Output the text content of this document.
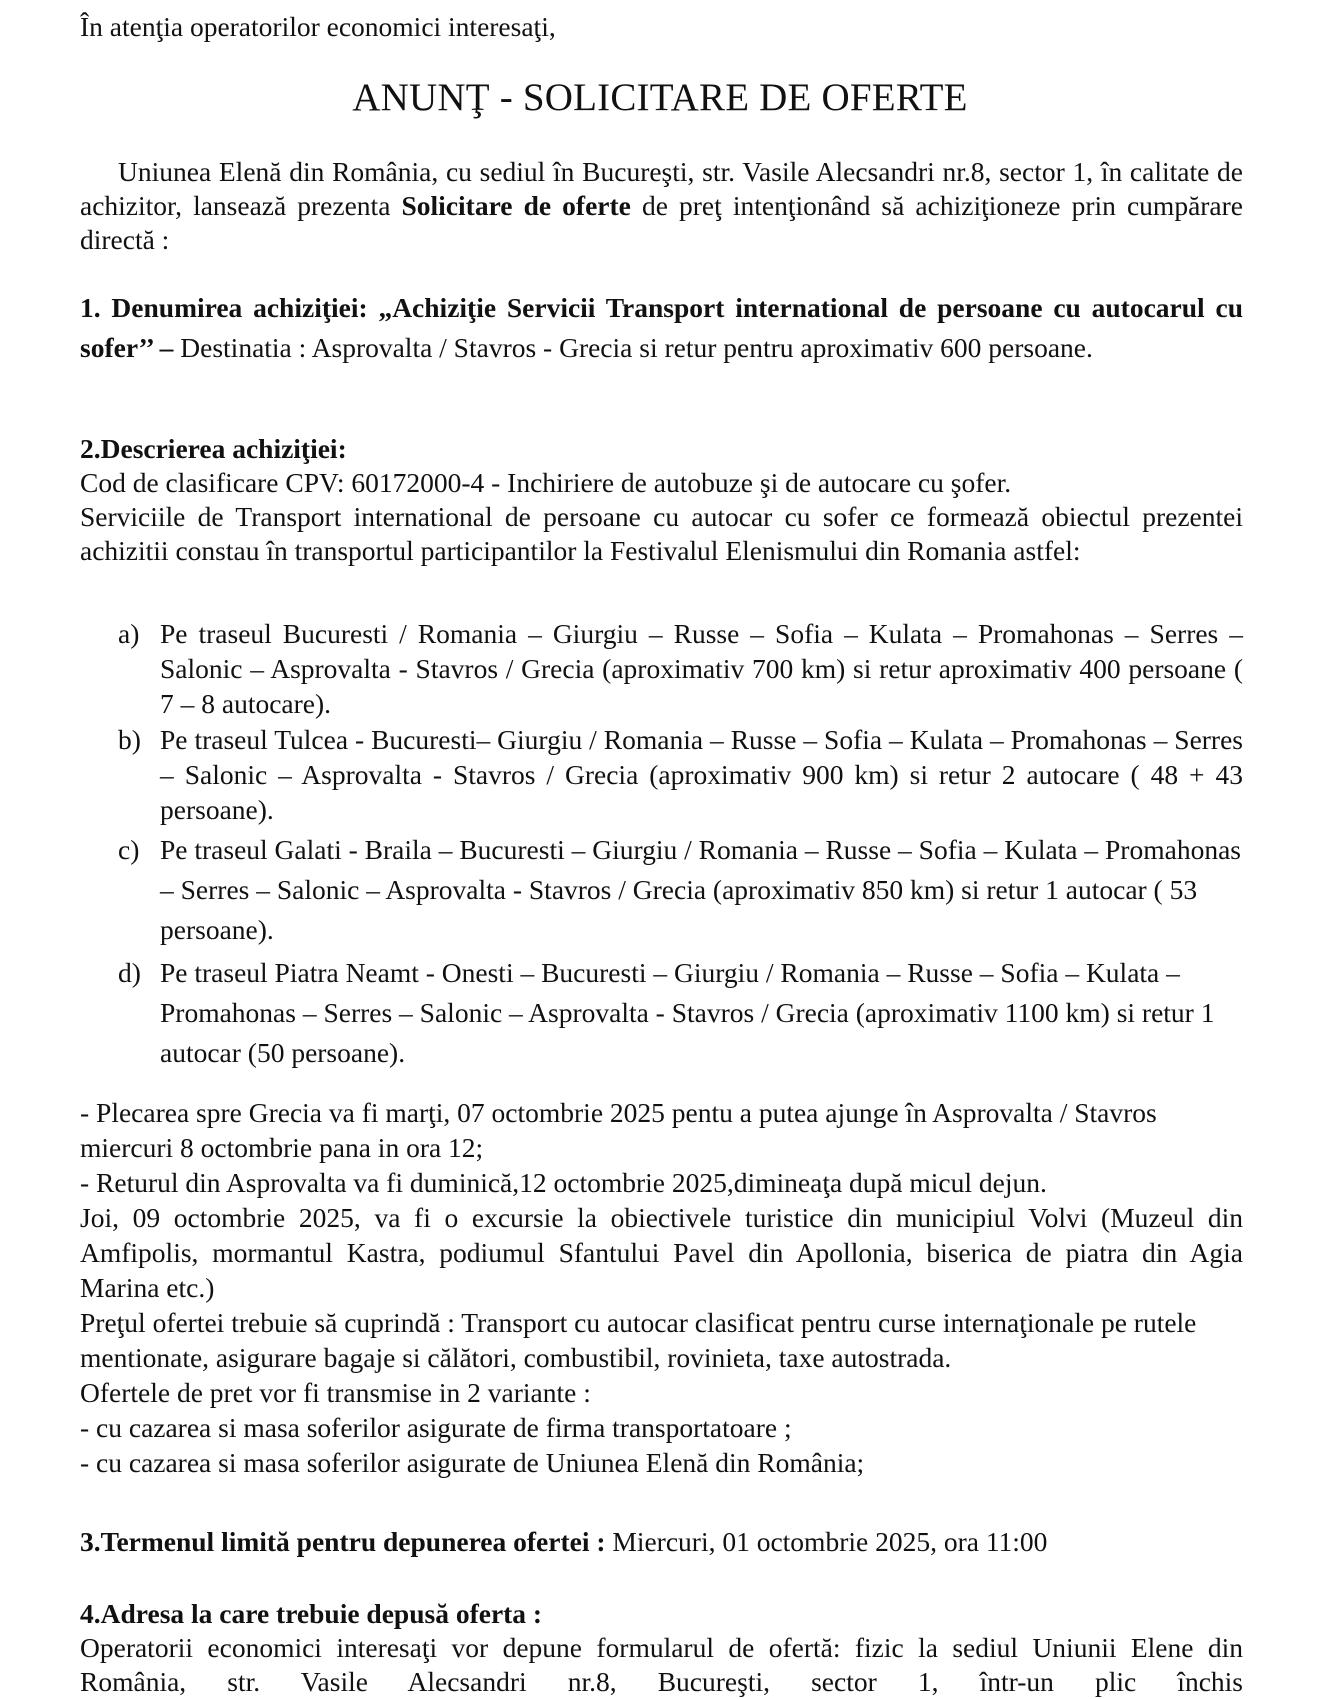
În atenţia operatorilor economici interesaţi,
ANUNŢ - SOLICITARE DE OFERTE
Uniunea Elenă din România, cu sediul în Bucureşti, str. Vasile Alecsandri nr.8, sector 1, în calitate de achizitor, lansează prezenta Solicitare de oferte de preţ intenţionând să achiziţioneze prin cumpărare directă :
1. Denumirea achiziţiei: „Achiziţie Servicii Transport international de persoane cu autocarul cu sofer’’ – Destinatia : Asprovalta / Stavros - Grecia si retur pentru aproximativ 600 persoane.
2.Descrierea achiziţiei:
Cod de clasificare CPV: 60172000-4 - Inchiriere de autobuze şi de autocare cu şofer.
Serviciile de Transport international de persoane cu autocar cu sofer ce formează obiectul prezentei achizitii constau în transportul participantilor la Festivalul Elenismului din Romania astfel:
a) Pe traseul Bucuresti / Romania – Giurgiu – Russe – Sofia – Kulata – Promahonas – Serres – Salonic – Asprovalta - Stavros / Grecia (aproximativ 700 km) si retur aproximativ 400 persoane ( 7 – 8 autocare).
b) Pe traseul Tulcea - Bucuresti– Giurgiu / Romania – Russe – Sofia – Kulata – Promahonas – Serres – Salonic – Asprovalta - Stavros / Grecia (aproximativ 900 km) si retur 2 autocare ( 48 + 43 persoane).
c) Pe traseul Galati - Braila – Bucuresti – Giurgiu / Romania – Russe – Sofia – Kulata – Promahonas – Serres – Salonic – Asprovalta - Stavros / Grecia (aproximativ 850 km) si retur 1 autocar ( 53 persoane).
d) Pe traseul Piatra Neamt - Onesti – Bucuresti – Giurgiu / Romania – Russe – Sofia – Kulata – Promahonas – Serres – Salonic – Asprovalta - Stavros / Grecia (aproximativ 1100 km) si retur 1 autocar (50 persoane).
- Plecarea spre Grecia va fi marţi, 07 octombrie 2025 pentu a putea ajunge în Asprovalta / Stavros miercuri 8 octombrie pana in ora 12;
- Returul din Asprovalta va fi duminică,12 octombrie 2025,dimineaţa după micul dejun.
Joi, 09 octombrie 2025, va fi o excursie la obiectivele turistice din municipiul Volvi (Muzeul din Amfipolis, mormantul Kastra, podiumul Sfantului Pavel din Apollonia, biserica de piatra din Agia Marina etc.)
Preţul ofertei trebuie să cuprindă : Transport cu autocar clasificat pentru curse internaţionale pe rutele mentionate, asigurare bagaje si călători, combustibil, rovinieta, taxe autostrada.
Ofertele de pret vor fi transmise in 2 variante :
- cu cazarea si masa soferilor asigurate de firma transportatoare ;
- cu cazarea si masa soferilor asigurate de Uniunea Elenă din România;
3.Termenul limită pentru depunerea ofertei : Miercuri, 01 octombrie 2025, ora 11:00
4.Adresa la care trebuie depusă oferta :
Operatorii economici interesaţi vor depune formularul de ofertă: fizic la sediul Uniunii Elene din România, str. Vasile Alecsandri nr.8, Bucureşti, sector 1, într-un plic închis
